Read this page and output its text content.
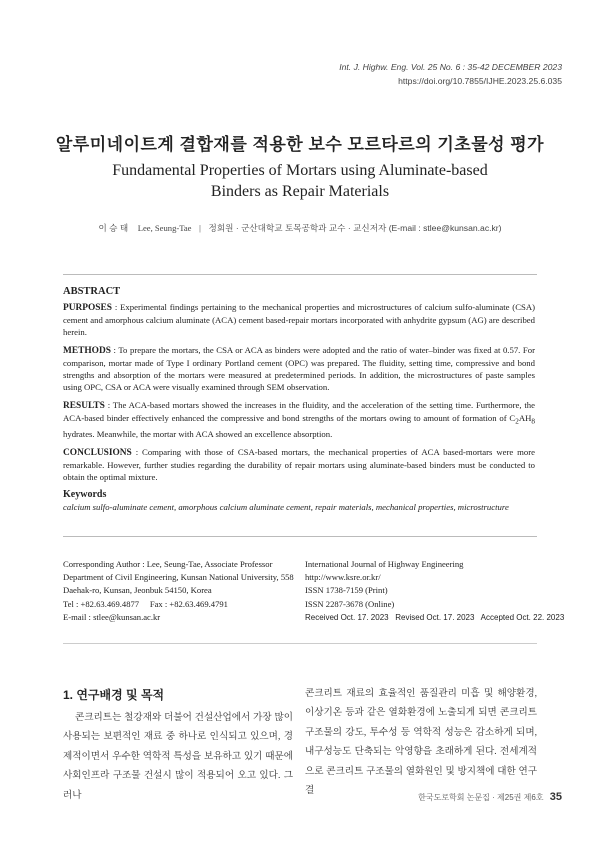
Int. J. Highw. Eng. Vol. 25 No. 6 : 35-42 DECEMBER 2023
https://doi.org/10.7855/IJHE.2023.25.6.035
알루미네이트계 결합재를 적용한 보수 모르타르의 기초물성 평가
Fundamental Properties of Mortars using Aluminate-based Binders as Repair Materials
이 승 태 Lee, Seung-Tae | 정회원 · 군산대학교 토목공학과 교수 · 교신저자 (E-mail : stlee@kunsan.ac.kr)
ABSTRACT

PURPOSES : Experimental findings pertaining to the mechanical properties and microstructures of calcium sulfo-aluminate (CSA) cement and amorphous calcium aluminate (ACA) cement based-repair mortars incorporated with anhydrite gypsum (AG) are described herein.

METHODS : To prepare the mortars, the CSA or ACA as binders were adopted and the ratio of water–binder was fixed at 0.57. For comparison, mortar made of Type I ordinary Portland cement (OPC) was prepared. The fluidity, setting time, compressive and bond strengths and absorption of the mortars were measured at predetermined periods. In addition, the microstructures of paste samples using OPC, CSA or ACA were visually examined through SEM observation.

RESULTS : The ACA-based mortars showed the increases in the fluidity, and the acceleration of the setting time. Furthermore, the ACA-based binder effectively enhanced the compressive and bond strengths of the mortars owing to amount of formation of $C_2AH_8$ hydrates. Meanwhile, the mortar with ACA showed an excellence absorption.

CONCLUSIONS : Comparing with those of CSA-based mortars, the mechanical properties of ACA based-mortars were more remarkable. However, further studies regarding the durability of repair mortars using aluminate-based binders must be conducted to obtain the optimal mixture.

Keywords
calcium sulfo-aluminate cement, amorphous calcium aluminate cement, repair materials, mechanical properties, microstructure
Corresponding Author : Lee, Seung-Tae, Associate Professor
Department of Civil Engineering, Kunsan National University, 558
Daehak-ro, Kunsan, Jeonbuk 54150, Korea
Tel : +82.63.469.4877     Fax : +82.63.469.4791
E-mail : stlee@kunsan.ac.kr
International Journal of Highway Engineering
http://www.ksre.or.kr/
ISSN 1738-7159 (Print)
ISSN 2287-3678 (Online)
Received Oct. 17. 2023   Revised Oct. 17. 2023   Accepted Oct. 22. 2023
1. 연구배경 및 목적

콘크리트는 철강재와 더불어 건설산업에서 가장 많이 사용되는 보편적인 재료 중 하나로 인식되고 있으며, 경제적이면서 우수한 역학적 특성을 보유하고 있기 때문에 사회인프라 구조물 건설시 많이 적용되어 오고 있다. 그러나

콘크리트 재료의 효율적인 품질관리 미흡 및 해양환경, 이상기온 등과 같은 열화환경에 노출되게 되면 콘크리트 구조물의 강도, 투수성 등 역학적 성능은 감소하게 되며, 내구성능도 단축되는 악영향을 초래하게 된다. 전세계적으로 콘크리트 구조물의 열화원인 및 방지책에 대한 연구결

한국도로학회 논문집 · 제25권 제6호 35
